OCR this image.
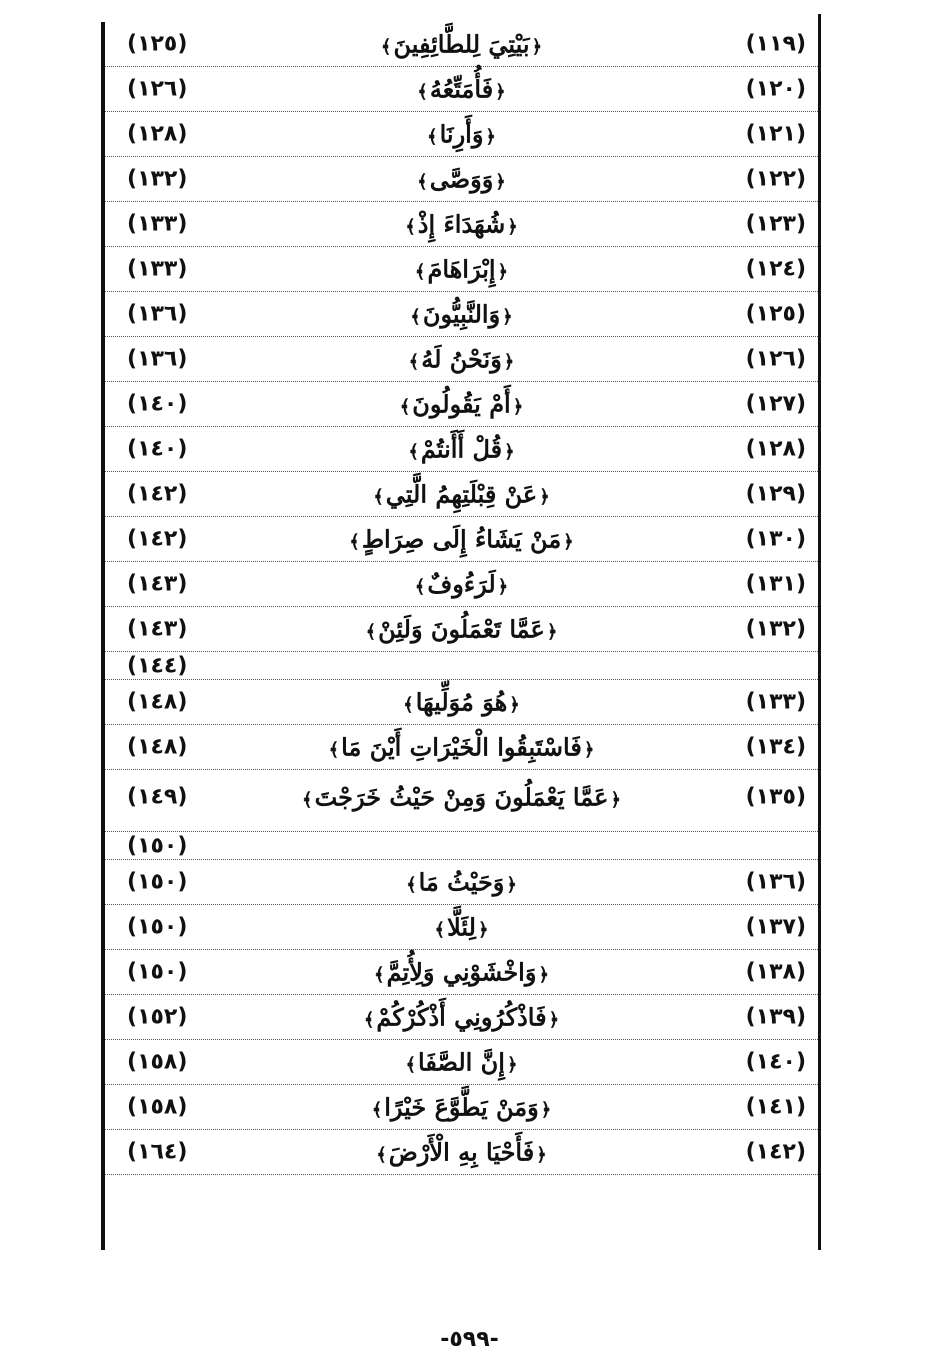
(١١٩)
﴿بَيْتِيَ لِلطَّائِفِينَ﴾
(١٢٥)
(١٢٠)
﴿فَأُمَتِّعُهُ﴾
(١٢٦)
(١٢١)
﴿وَأَرِنَا﴾
(١٢٨)
(١٢٢)
﴿وَوَصَّى﴾
(١٣٢)
(١٢٣)
﴿شُهَدَاءَ إِذْ﴾
(١٣٣)
(١٢٤)
﴿إِبْرَاهَامَ﴾
(١٣٣)
(١٢٥)
﴿وَالنَّبِيُّونَ﴾
(١٣٦)
(١٢٦)
﴿وَنَحْنُ لَهُ﴾
(١٣٦)
(١٢٧)
﴿أَمْ يَقُولُونَ﴾
(١٤٠)
(١٢٨)
﴿قُلْ أَأَنتُمْ﴾
(١٤٠)
(١٢٩)
﴿عَنْ قِبْلَتِهِمُ الَّتِي﴾
(١٤٢)
(١٣٠)
﴿مَنْ يَشَاءُ إِلَى صِرَاطٍ﴾
(١٤٢)
(١٣١)
﴿لَرَءُوفٌ﴾
(١٤٣)
(١٣٢)
﴿عَمَّا تَعْمَلُونَ وَلَئِنْ﴾
(١٤٣)
(١٤٤)
(١٣٣)
﴿هُوَ مُوَلِّيهَا﴾
(١٤٨)
(١٣٤)
﴿فَاسْتَبِقُوا الْخَيْرَاتِ أَيْنَ مَا﴾
(١٤٨)
(١٣٥)
﴿عَمَّا يَعْمَلُونَ وَمِنْ حَيْثُ خَرَجْتَ﴾
(١٤٩)
(١٥٠)
(١٣٦)
﴿وَحَيْثُ مَا﴾
(١٥٠)
(١٣٧)
﴿لِئَلَّا﴾
(١٥٠)
(١٣٨)
﴿وَاخْشَوْنِي وَلِأُتِمَّ﴾
(١٥٠)
(١٣٩)
﴿فَاذْكُرُونِي أَذْكُرْكُمْ﴾
(١٥٢)
(١٤٠)
﴿إِنَّ الصَّفَا﴾
(١٥٨)
(١٤١)
﴿وَمَنْ يَطَّوَّعَ خَيْرًا﴾
(١٥٨)
(١٤٢)
﴿فَأَحْيَا بِهِ الْأَرْضَ﴾
(١٦٤)
-٥٩٩-
